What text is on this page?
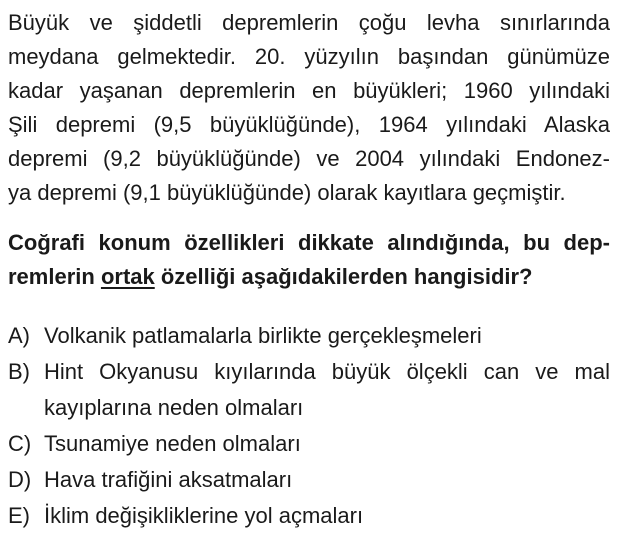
Büyük ve şiddetli depremlerin çoğu levha sınırlarında
meydana gelmektedir. 20. yüzyılın başından günümüze
kadar yaşanan depremlerin en büyükleri; 1960 yılındaki
Şili depremi (9,5 büyüklüğünde), 1964 yılındaki Alaska
depremi (9,2 büyüklüğünde) ve 2004 yılındaki Endonez-
ya depremi (9,1 büyüklüğünde) olarak kayıtlara geçmiştir.
Coğrafi konum özellikleri dikkate alındığında, bu dep-
remlerin ortak özelliği aşağıdakilerden hangisidir?
A) Volkanik patlamalarla birlikte gerçekleşmeleri
B) Hint Okyanusu kıyılarında büyük ölçekli can ve mal
kayıplarına neden olmaları
C) Tsunamiye neden olmaları
D) Hava trafiğini aksatmaları
E) İklim değişikliklerine yol açmaları
